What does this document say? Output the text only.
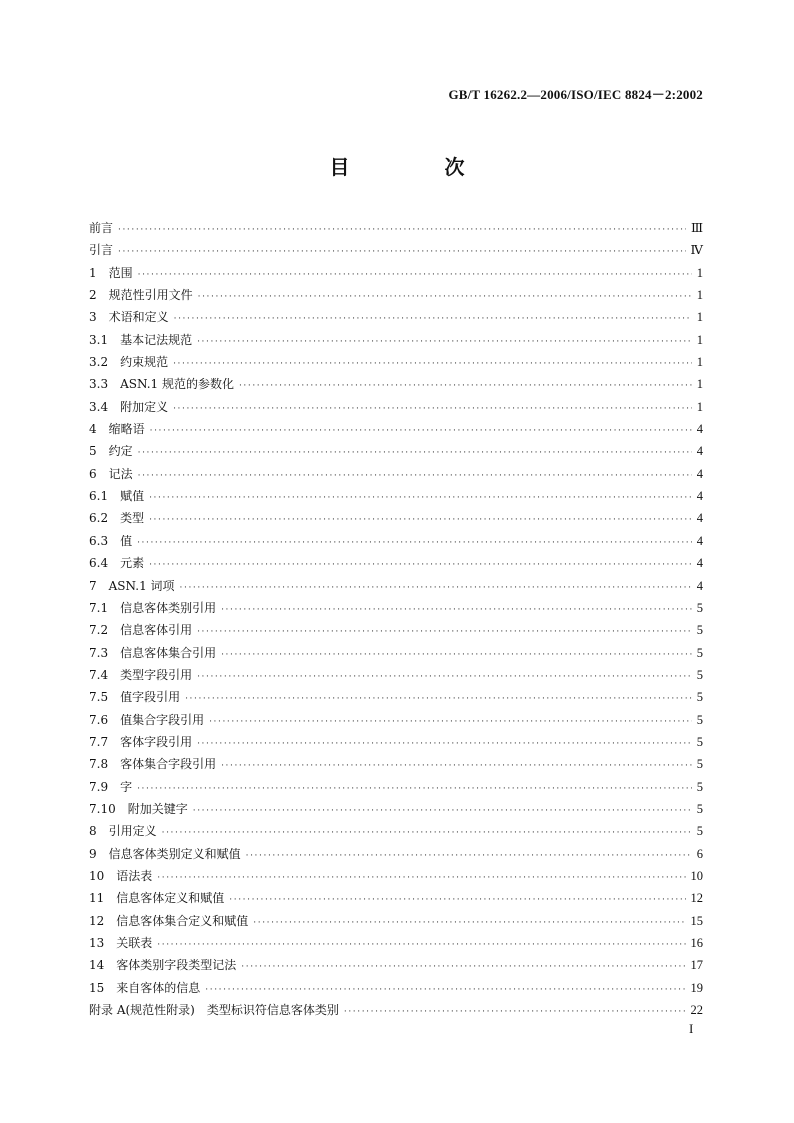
GB/T 16262.2—2006/ISO/IEC 8824－2:2002
目 次
前言 ·····	Ⅲ
引言 ·····	Ⅳ
1　范围 ·····	1
2　规范性引用文件 ·····	1
3　术语和定义 ·····	1
3.1　基本记法规范 ·····	1
3.2　约束规范 ·····	1
3.3　ASN.1 规范的参数化 ·····	1
3.4　附加定义 ·····	1
4　缩略语 ·····	4
5　约定 ·····	4
6　记法 ·····	4
6.1　赋值 ·····	4
6.2　类型 ·····	4
6.3　值 ·····	4
6.4　元素 ·····	4
7　ASN.1 词项 ·····	4
7.1　信息客体类别引用 ·····	5
7.2　信息客体引用 ·····	5
7.3　信息客体集合引用 ·····	5
7.4　类型字段引用 ·····	5
7.5　值字段引用 ·····	5
7.6　值集合字段引用 ·····	5
7.7　客体字段引用 ·····	5
7.8　客体集合字段引用 ·····	5
7.9　字 ·····	5
7.10　附加关键字 ·····	5
8　引用定义 ·····	5
9　信息客体类别定义和赋值 ·····	6
10　语法表 ·····	10
11　信息客体定义和赋值 ·····	12
12　信息客体集合定义和赋值 ·····	15
13　关联表 ·····	16
14　客体类别字段类型记法 ·····	17
15　来自客体的信息 ·····	19
附录 A(规范性附录)　类型标识符信息客体类别 ·····	22
I
